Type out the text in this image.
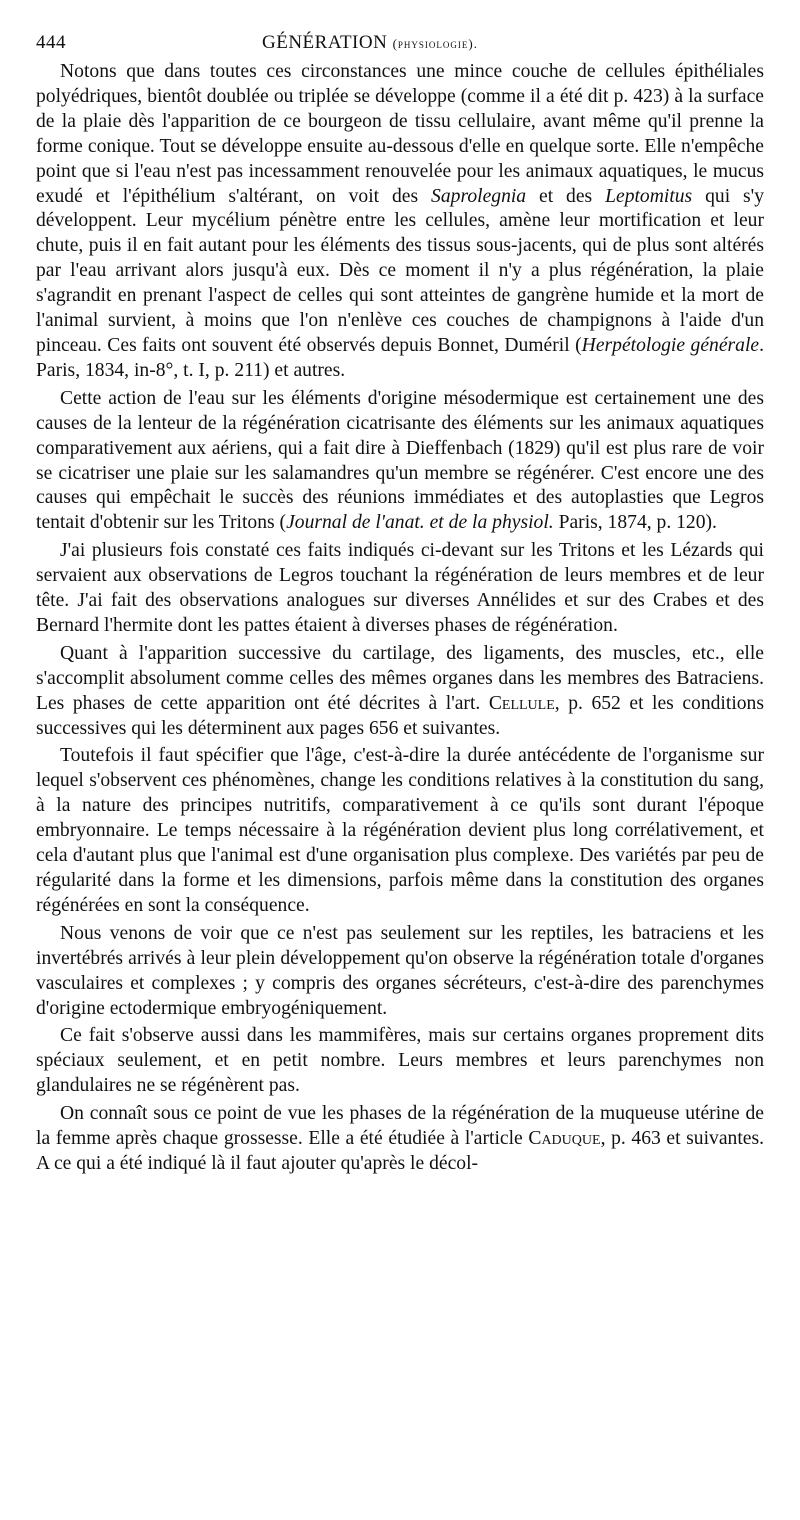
444	GÉNÉRATION (physiologie).

Notons que dans toutes ces circonstances une mince couche de cellules épithéliales polyédriques, bientôt doublée ou triplée se développe (comme il a été dit p. 423) à la surface de la plaie dès l'apparition de ce bourgeon de tissu cellulaire, avant même qu'il prenne la forme conique. Tout se développe ensuite au-dessous d'elle en quelque sorte. Elle n'empêche point que si l'eau n'est pas incessamment renouvelée pour les animaux aquatiques, le mucus exudé et l'épithélium s'altérant, on voit des Saprolegnia et des Leptomitus qui s'y développent. Leur mycélium pénètre entre les cellules, amène leur mortification et leur chute, puis il en fait autant pour les éléments des tissus sous-jacents, qui de plus sont altérés par l'eau arrivant alors jusqu'à eux. Dès ce moment il n'y a plus régénération, la plaie s'agrandit en prenant l'aspect de celles qui sont atteintes de gangrène humide et la mort de l'animal survient, à moins que l'on n'enlève ces couches de champignons à l'aide d'un pinceau. Ces faits ont souvent été observés depuis Bonnet, Duméril (Herpétologie générale. Paris, 1834, in-8°, t. I, p. 211) et autres.

Cette action de l'eau sur les éléments d'origine mésodermique est certainement une des causes de la lenteur de la régénération cicatrisante des éléments sur les animaux aquatiques comparativement aux aériens, qui a fait dire à Dieffenbach (1829) qu'il est plus rare de voir se cicatriser une plaie sur les salamandres qu'un membre se régénérer. C'est encore une des causes qui empêchait le succès des réunions immédiates et des autoplasties que Legros tentait d'obtenir sur les Tritons (Journal de l'anat. et de la physiol. Paris, 1874, p. 120).

J'ai plusieurs fois constaté ces faits indiqués ci-devant sur les Tritons et les Lézards qui servaient aux observations de Legros touchant la régénération de leurs membres et de leur tête. J'ai fait des observations analogues sur diverses Annélides et sur des Crabes et des Bernard l'hermite dont les pattes étaient à diverses phases de régénération.

Quant à l'apparition successive du cartilage, des ligaments, des muscles, etc., elle s'accomplit absolument comme celles des mêmes organes dans les membres des Batraciens. Les phases de cette apparition ont été décrites à l'art. Cellule, p. 652 et les conditions successives qui les déterminent aux pages 656 et suivantes.

Toutefois il faut spécifier que l'âge, c'est-à-dire la durée antécédente de l'organisme sur lequel s'observent ces phénomènes, change les conditions relatives à la constitution du sang, à la nature des principes nutritifs, comparativement à ce qu'ils sont durant l'époque embryonnaire. Le temps nécessaire à la régénération devient plus long corrélativement, et cela d'autant plus que l'animal est d'une organisation plus complexe. Des variétés par peu de régularité dans la forme et les dimensions, parfois même dans la constitution des organes régénérées en sont la conséquence.

Nous venons de voir que ce n'est pas seulement sur les reptiles, les batraciens et les invertébrés arrivés à leur plein développement qu'on observe la régénération totale d'organes vasculaires et complexes ; y compris des organes sécréteurs, c'est-à-dire des parenchymes d'origine ectodermique embryogéniquement.

Ce fait s'observe aussi dans les mammifères, mais sur certains organes proprement dits spéciaux seulement, et en petit nombre. Leurs membres et leurs parenchymes non glandulaires ne se régénèrent pas.

On connaît sous ce point de vue les phases de la régénération de la muqueuse utérine de la femme après chaque grossesse. Elle a été étudiée à l'article Caduque, p. 463 et suivantes. A ce qui a été indiqué là il faut ajouter qu'après le décol-
